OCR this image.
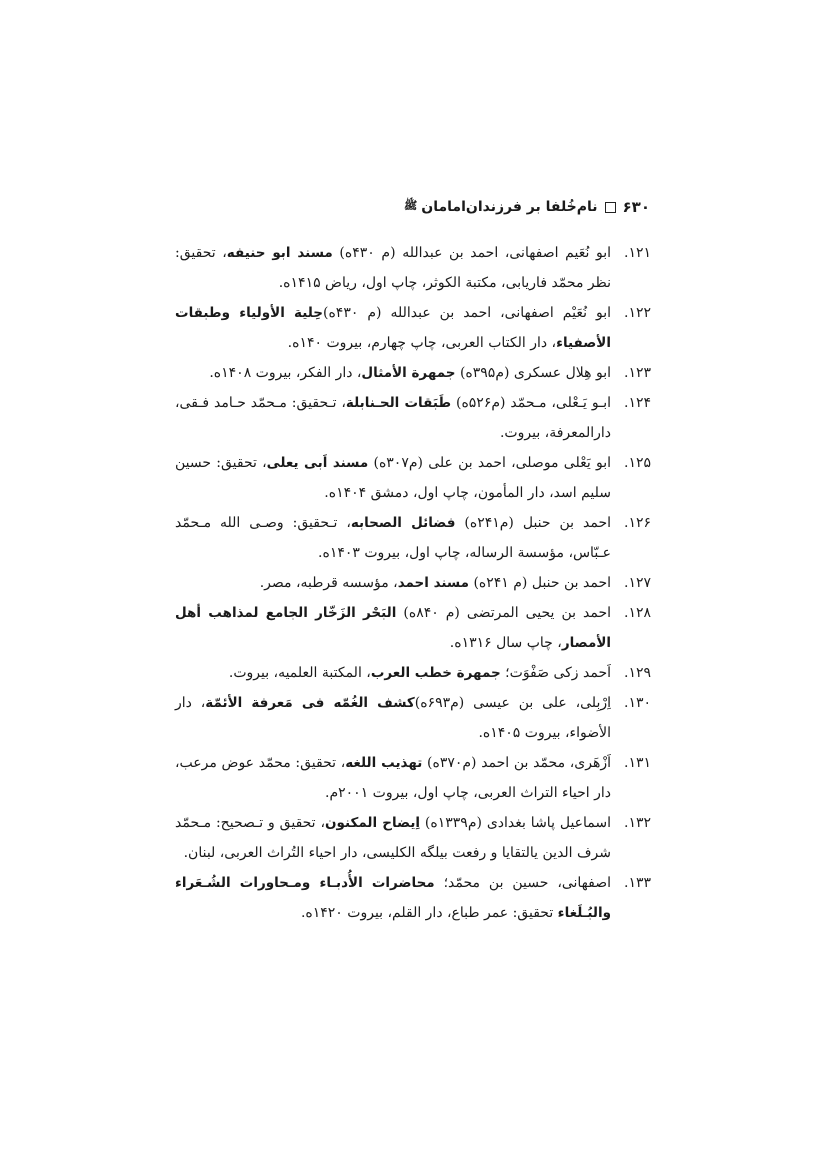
۶۳۰
نام‌خُلفا بر فرزندان‌امامان
ﷺ
۱۲۱.
ابو نُعَیم اصفهانی، احمد بن عبدالله (م ۴۳۰ه) مسند ابو حنیفه، تحقیق: نظر محمّد فاریابی، مکتبة الکوثر، چاپ اول، ریاض ۱۴۱۵ه.
۱۲۲.
ابو نُعَیْم اصفهانی، احمد بن عبدالله (م ۴۳۰ه)حِلیة الأولیاء وطبقات الأصفیاء، دار الکتاب العربی، چاپ چهارم، بیروت ۱۴۰ه.
۱۲۳.
ابو هِلال عسکری (م۳۹۵ه) جمهرة الأمثال، دار الفکر، بیروت ۱۴۰۸ه.
۱۲۴.
ابـو یَـعْلی، مـحمّد (م۵۲۶ه) طَبَقات الحـنابلة، تـحقیق: مـحمّد حـامد فـقی، دارالمعرفة، بیروت.
۱۲۵.
ابو یَعْلی موصلی، احمد بن علی (م۳۰۷ه) مسند اَبی یعلی، تحقیق: حسین سلیم اسد، دار المأمون، چاپ اول، دمشق ۱۴۰۴ه.
۱۲۶.
احمد بن حنبل (م۲۴۱ه) فضائل الصحابه، تـحقیق: وصـی الله مـحمّد عـبّاس، مؤسسة الرساله، چاپ اول، بیروت ۱۴۰۳ه.
۱۲۷.
احمد بن حنبل (م ۲۴۱ه) مسند احمد، مؤسسه قرطبه، مصر.
۱۲۸.
احمد بن یحیی المرتضی (م ۸۴۰ه) البَحْر الزَخّار الجامع لمذاهب أهل الأمصار، چاپ سال ۱۳۱۶ه.
۱۲۹.
اَحمد زکی صَفْوَت؛ جمهرة خطب العرب، المکتبة العلمیه، بیروت.
۱۳۰.
اِرْبِلی، علی بن عیسی (م۶۹۳ه)کشف الغُمّه فی مَعرفة الأئمّة، دار الأضواء، بیروت ۱۴۰۵ه.
۱۳۱.
اَزْهَری، محمّد بن احمد (م۳۷۰ه) تهذیب اللغه، تحقیق: محمّد عوض مرعب، دار احیاء التراث العربی، چاپ اول، بیروت ۲۰۰۱م.
۱۳۲.
اسماعیل پاشا بغدادی (م۱۳۳۹ه) اِیضاح المکنون، تحقیق و تـصحیح: مـحمّد شرف الدین یالتقایا و رفعت بیلگه الکلیسی، دار احیاء التُراث العربی، لبنان.
۱۳۳.
اصفهانی، حسین بن محمّد؛ محاضرات الأُدبـاء ومـحاورات الشُـعَراء والبُـلَغاء تحقیق: عمر طباع، دار القلم، بیروت ۱۴۲۰ه.
